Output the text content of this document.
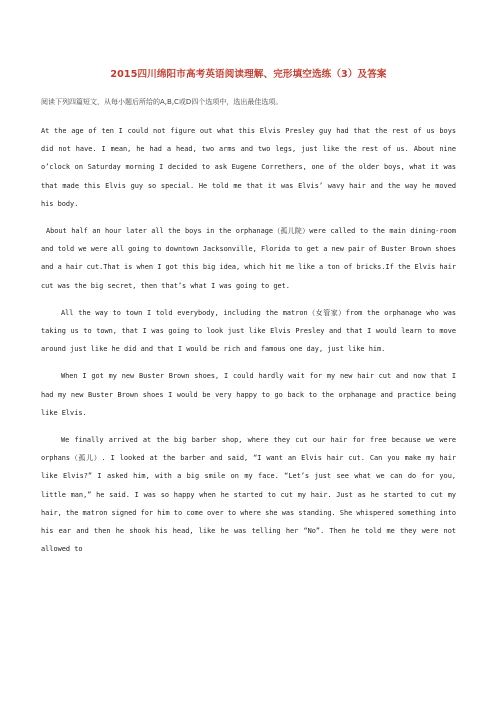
2015四川绵阳市高考英语阅读理解、完形填空选练（3）及答案

阅读下列四篇短文，从每小题后所给的A,B,C或D四个选项中，选出最佳选项。

At the age of ten I could not figure out what this Elvis Presley guy had that the rest of us boys did not have. I mean, he had a head, two arms and two legs, just like the rest of us. About nine o’clock on Saturday morning I decided to ask Eugene Correthers, one of the older boys, what it was that made this Elvis guy so special. He told me that it was Elvis’ wavy hair and the way he moved his body.

About half an hour later all the boys in the orphanage（孤儿院）were called to the main dining-room and told we were all going to downtown Jacksonville, Florida to get a new pair of Buster Brown shoes and a hair cut.That is when I got this big idea, which hit me like a ton of bricks.If the Elvis hair cut was the big secret, then that’s what I was going to get.

All the way to town I told everybody, including the matron（女管家）from the orphanage who was taking us to town, that I was going to look just like Elvis Presley and that I would learn to move around just like he did and that I would be rich and famous one day, just like him.

When I got my new Buster Brown shoes, I could hardly wait for my new hair cut and now that I had my new Buster Brown shoes I would be very happy to go back to the orphanage and practice being like Elvis.

We finally arrived at the big barber shop, where they cut our hair for free because we were orphans（孤儿）. I looked at the barber and said, “I want an Elvis hair cut. Can you make my hair like Elvis?” I asked him, with a big smile on my face. “Let’s just see what we can do for you, little man,” he said. I was so happy when he started to cut my hair. Just as he started to cut my hair, the matron signed for him to come over to where she was standing. She whispered something into his ear and then he shook his head, like he was telling her “No”. Then he told me they were not allowed to
